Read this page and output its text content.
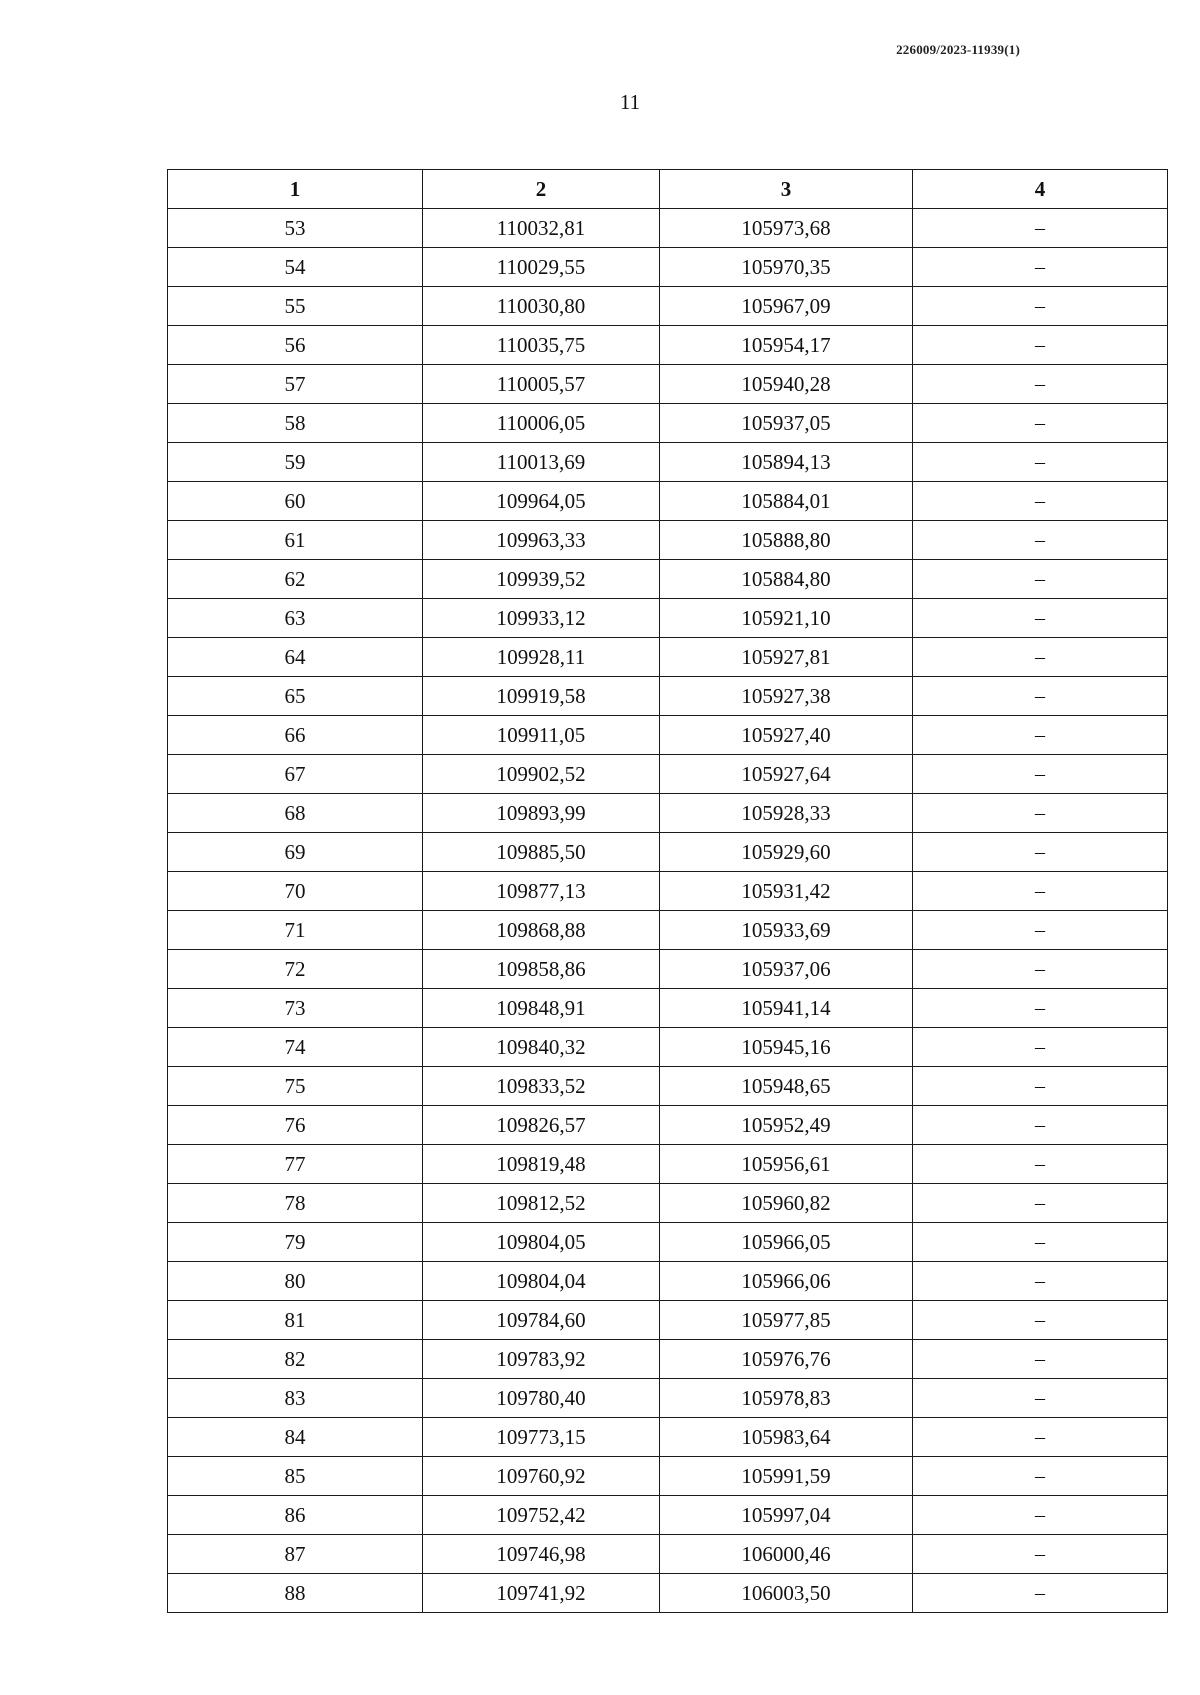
226009/2023-11939(1)
11
1	2	3	4
53	110032,81	105973,68	–
54	110029,55	105970,35	–
55	110030,80	105967,09	–
56	110035,75	105954,17	–
57	110005,57	105940,28	–
58	110006,05	105937,05	–
59	110013,69	105894,13	–
60	109964,05	105884,01	–
61	109963,33	105888,80	–
62	109939,52	105884,80	–
63	109933,12	105921,10	–
64	109928,11	105927,81	–
65	109919,58	105927,38	–
66	109911,05	105927,40	–
67	109902,52	105927,64	–
68	109893,99	105928,33	–
69	109885,50	105929,60	–
70	109877,13	105931,42	–
71	109868,88	105933,69	–
72	109858,86	105937,06	–
73	109848,91	105941,14	–
74	109840,32	105945,16	–
75	109833,52	105948,65	–
76	109826,57	105952,49	–
77	109819,48	105956,61	–
78	109812,52	105960,82	–
79	109804,05	105966,05	–
80	109804,04	105966,06	–
81	109784,60	105977,85	–
82	109783,92	105976,76	–
83	109780,40	105978,83	–
84	109773,15	105983,64	–
85	109760,92	105991,59	–
86	109752,42	105997,04	–
87	109746,98	106000,46	–
88	109741,92	106003,50	–
